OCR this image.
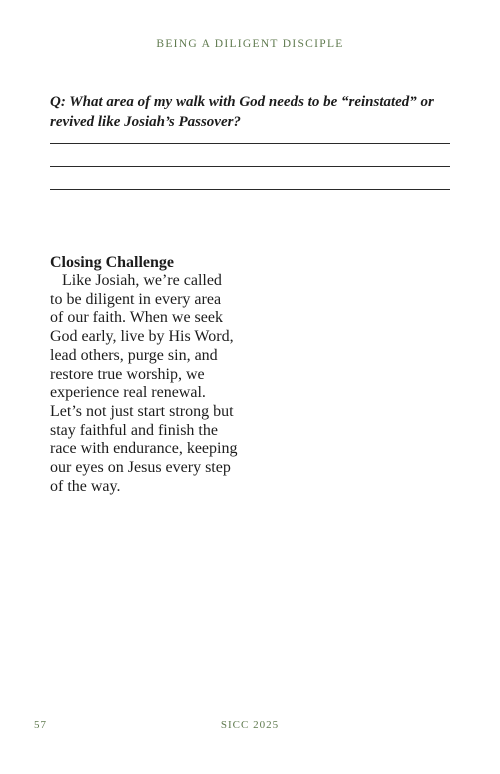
BEING A DILIGENT DISCIPLE

Q: What area of my walk with God needs to be “reinstated” or revived like Josiah’s Passover?

Closing Challenge

Like Josiah, we’re called to be diligent in every area of our faith. When we seek God early, live by His Word, lead others, purge sin, and restore true worship, we experience real renewal. Let’s not just start strong but stay faithful and finish the race with endurance, keeping our eyes on Jesus every step of the way.

57	SICC 2025
